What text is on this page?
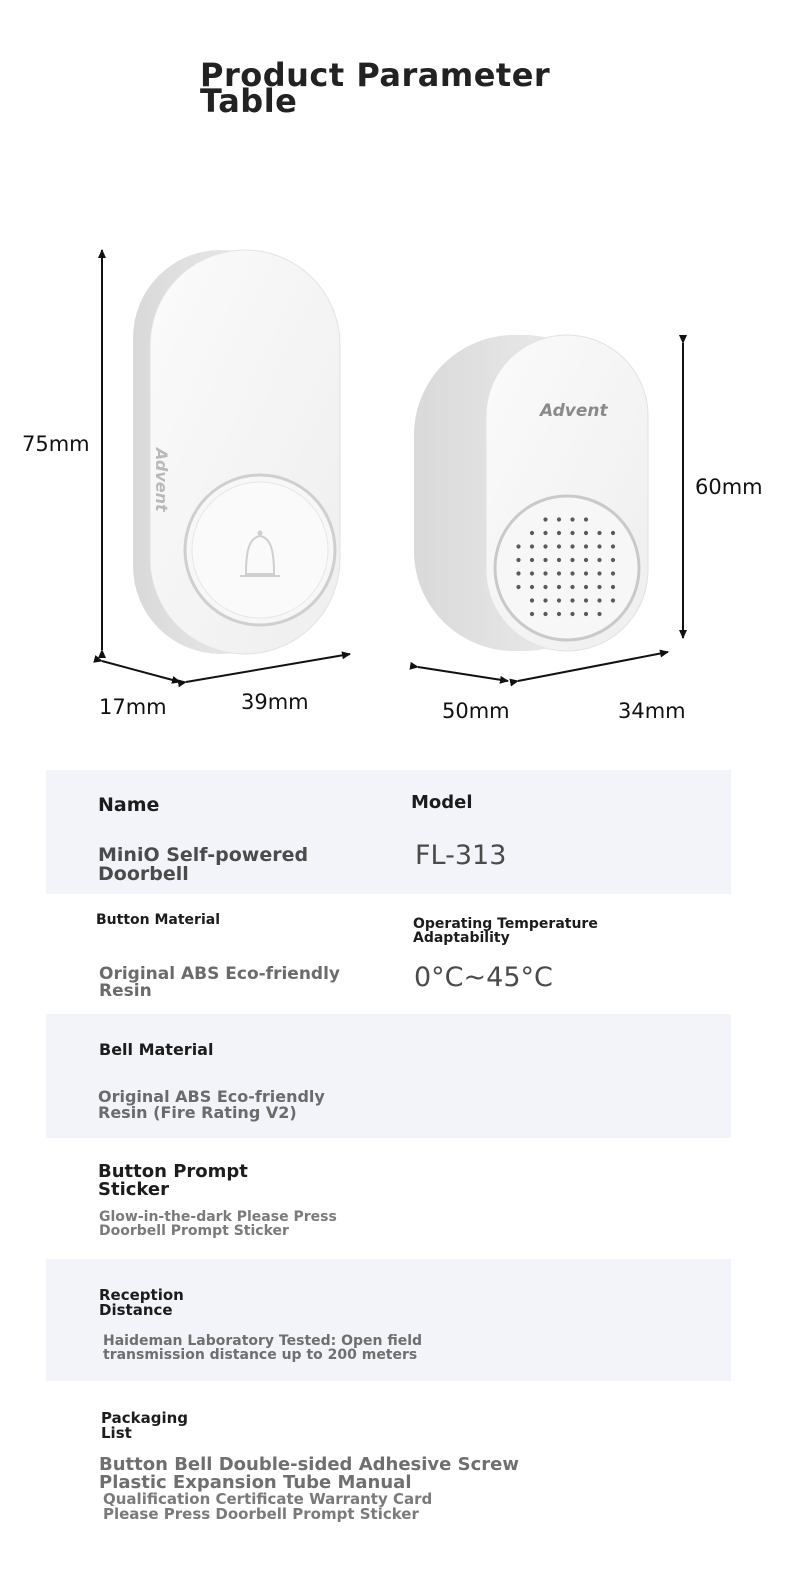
Product Parameter
Table
Advent
Advent
75mm
17mm	39mm
60mm
50mm	34mm
Name	Model
MiniO Self-powered
Doorbell
FL-313
Button Material	Operating Temperature
Adaptability
Original ABS Eco-friendly
Resin	0°C~45°C
Bell Material
Original ABS Eco-friendly
Resin (Fire Rating V2)
Button Prompt
Sticker
Glow-in-the-dark Please Press
Doorbell Prompt Sticker
Reception
Distance
Haideman Laboratory Tested: Open field
transmission distance up to 200 meters
Packaging
List
Button Bell Double-sided Adhesive Screw
Plastic Expansion Tube Manual
Qualification Certificate Warranty Card
Please Press Doorbell Prompt Sticker
